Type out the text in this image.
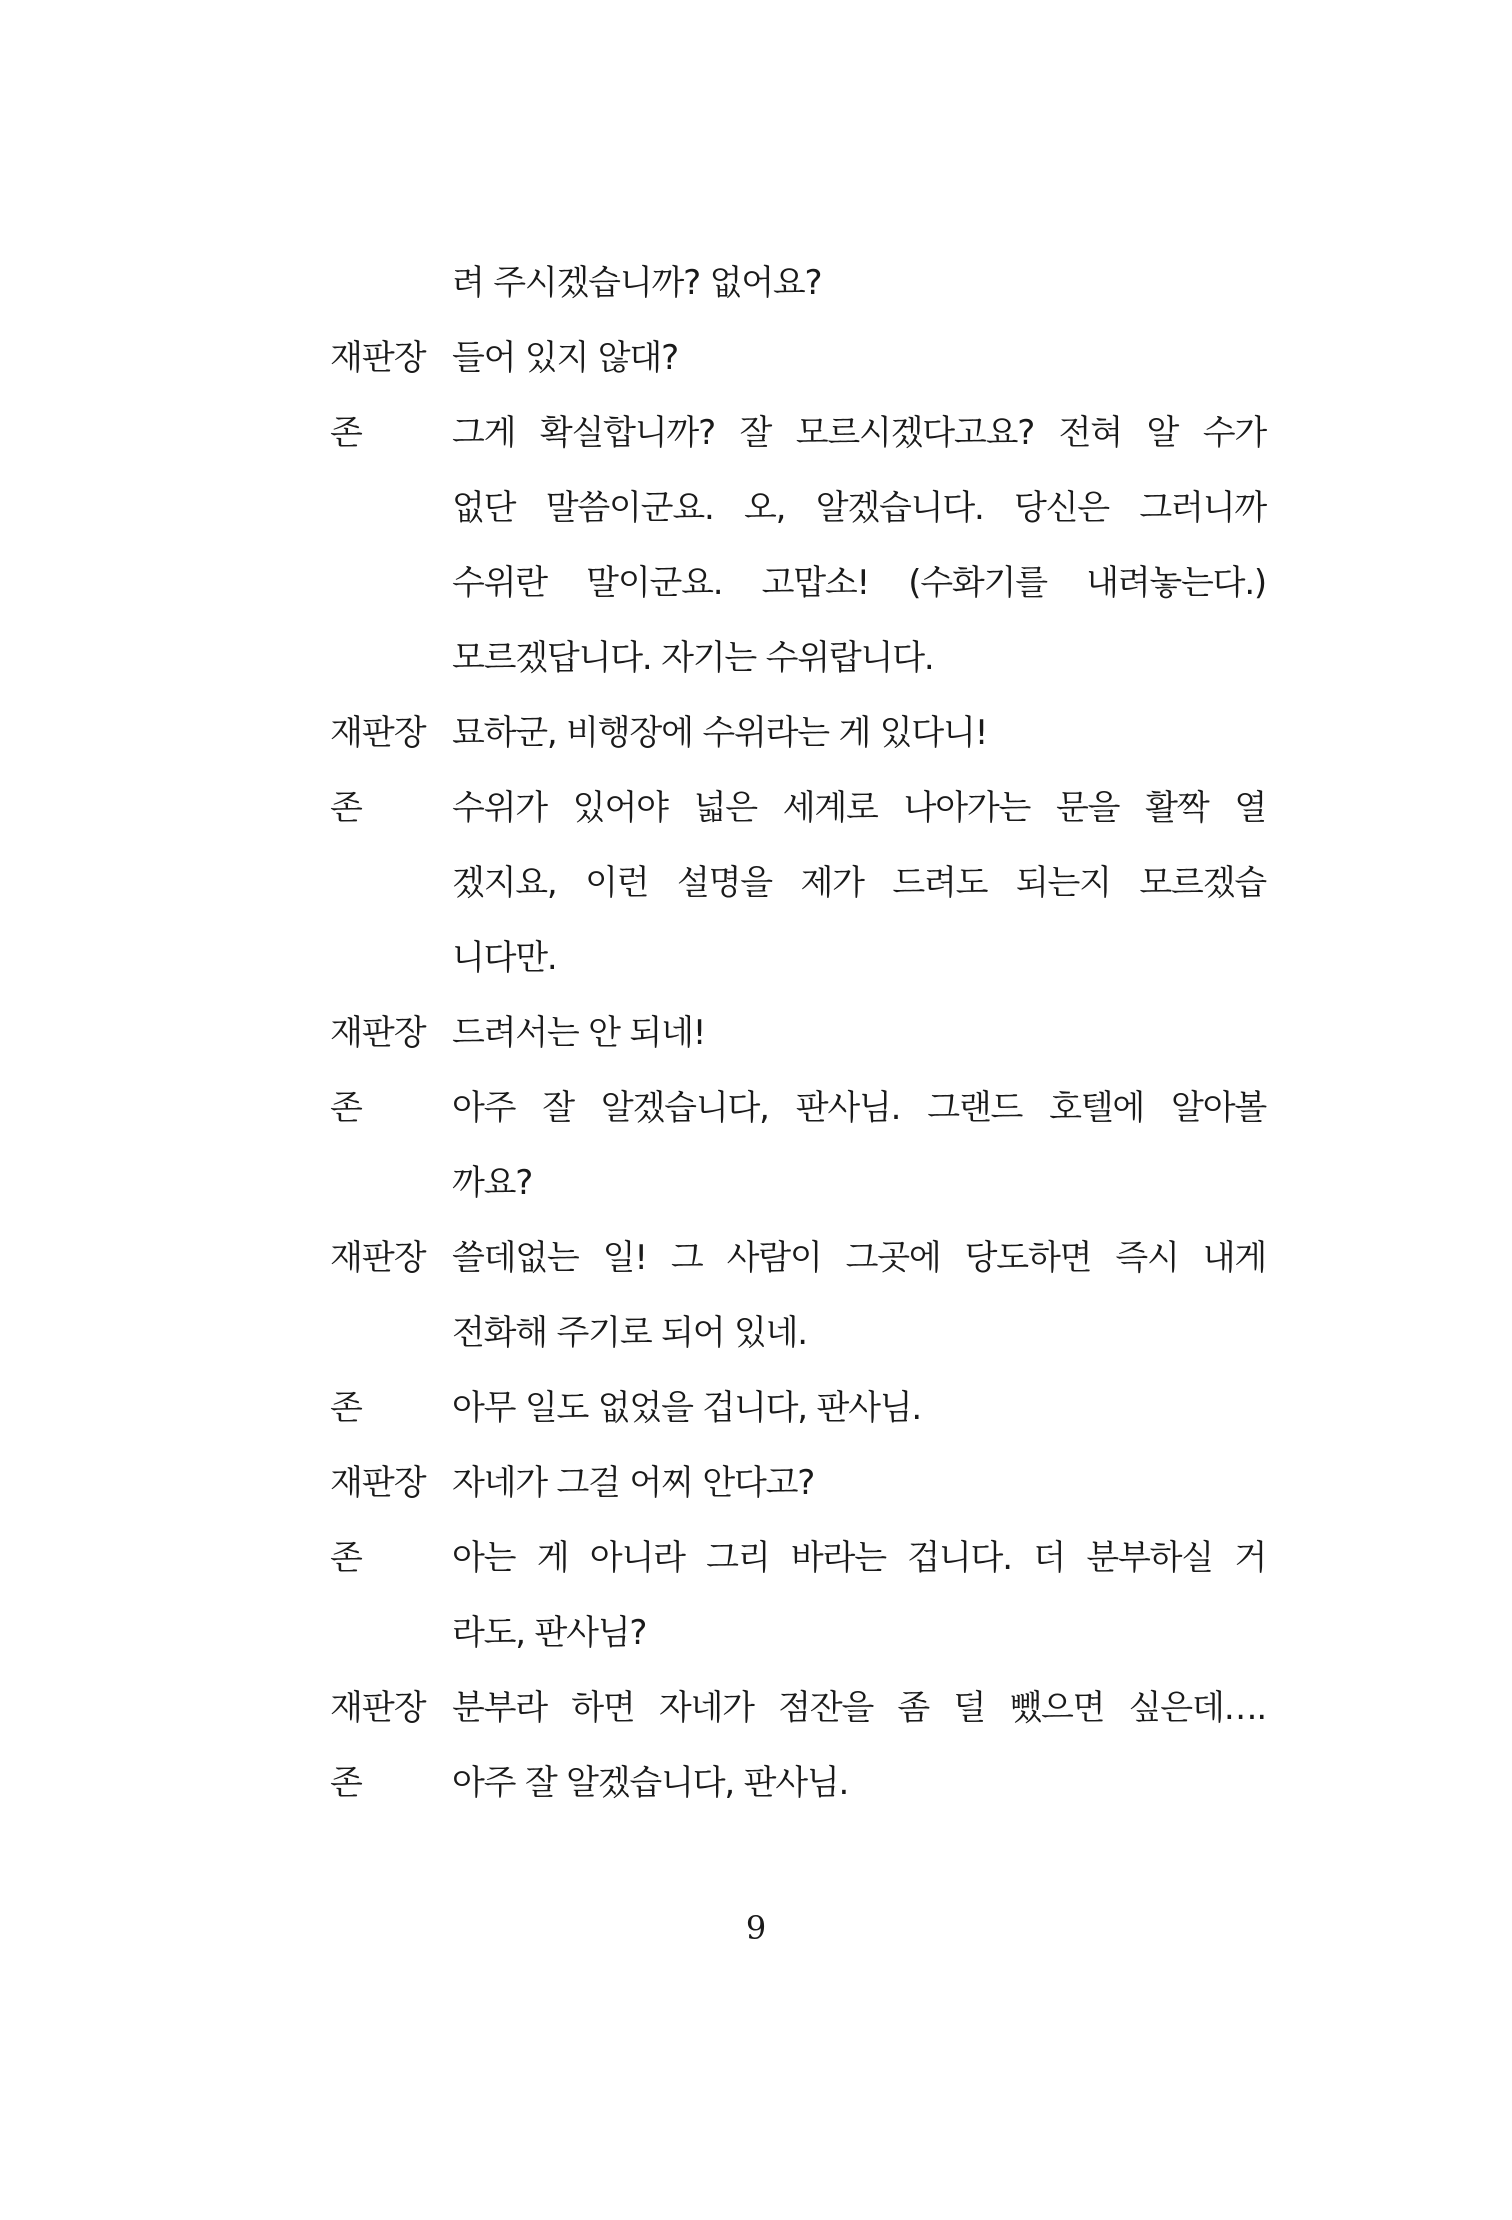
려 주시겠습니까? 없어요?
재판장 들어 있지 않대?
존	그게 확실합니까? 잘 모르시겠다고요? 전혀 알 수가
없단 말씀이군요. 오, 알겠습니다. 당신은 그러니까
수위란 말이군요. 고맙소! (수화기를 내려놓는다.)
모르겠답니다. 자기는 수위랍니다.
재판장 묘하군, 비행장에 수위라는 게 있다니!
존	수위가 있어야 넓은 세계로 나아가는 문을 활짝 열
겠지요, 이런 설명을 제가 드려도 되는지 모르겠습
니다만.
재판장 드려서는 안 되네!
존	아주 잘 알겠습니다, 판사님. 그랜드 호텔에 알아볼
까요?
재판장 쓸데없는 일! 그 사람이 그곳에 당도하면 즉시 내게
전화해 주기로 되어 있네.
존	아무 일도 없었을 겁니다, 판사님.
재판장 자네가 그걸 어찌 안다고?
존	아는 게 아니라 그리 바라는 겁니다. 더 분부하실 거
라도, 판사님?
재판장 분부라 하면 자네가 점잔을 좀 덜 뺐으면 싶은데….
존	아주 잘 알겠습니다, 판사님.
9
